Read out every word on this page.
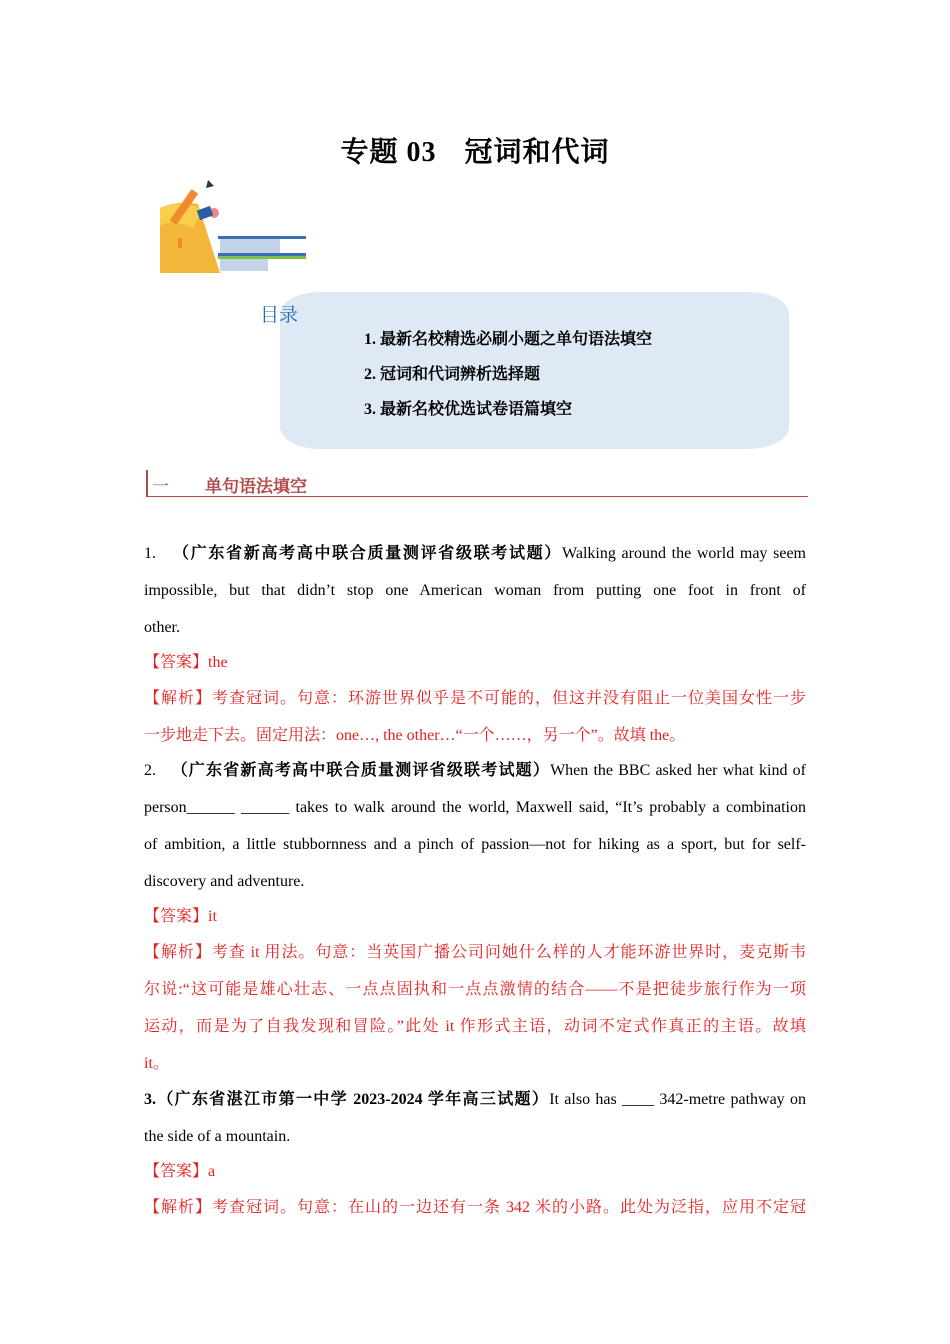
专题 03 冠词和代词
目录
1. 最新名校精选必刷小题之单句语法填空
2. 冠词和代词辨析选择题
3. 最新名校优选试卷语篇填空
一 单句语法填空
1. （广东省新高考高中联合质量测评省级联考试题）Walking around the world may seem
impossible, but that didn’t stop one American woman from putting one foot in front of
other.
【答案】the
【解析】考查冠词。句意：环游世界似乎是不可能的，但这并没有阻止一位美国女性一步
一步地走下去。固定用法：one…, the other…“一个……，另一个”。故填 the。
2. （广东省新高考高中联合质量测评省级联考试题）When the BBC asked her what kind of
person______ ______ takes to walk around the world, Maxwell said, “It’s probably a combination
of ambition, a little stubbornness and a pinch of passion—not for hiking as a sport, but for self-
discovery and adventure.
【答案】it
【解析】考查 it 用法。句意：当英国广播公司问她什么样的人才能环游世界时，麦克斯韦
尔说:“这可能是雄心壮志、一点点固执和一点点激情的结合——不是把徒步旅行作为一项
运动，而是为了自我发现和冒险。”此处 it 作形式主语，动词不定式作真正的主语。故填
it。
3.（广东省湛江市第一中学 2023-2024 学年高三试题）It also has ____ 342-metre pathway on
the side of a mountain.
【答案】a
【解析】考查冠词。句意：在山的一边还有一条 342 米的小路。此处为泛指，应用不定冠
